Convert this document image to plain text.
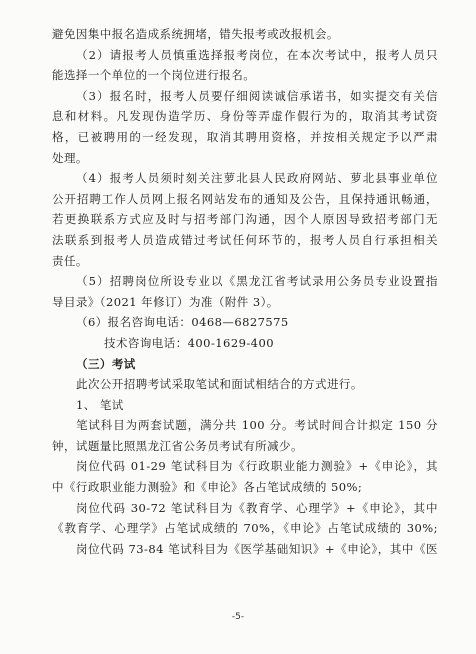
避免因集中报名造成系统拥堵，错失报考或改报机会。
（2）请报考人员慎重选择报考岗位，在本次考试中，报考人员只
能选择一个单位的一个岗位进行报名。
（3）报名时，报考人员要仔细阅读诚信承诺书，如实提交有关信
息和材料。凡发现伪造学历、身份等弄虚作假行为的，取消其考试资
格，已被聘用的一经发现，取消其聘用资格，并按相关规定予以严肃
处理。
（4）报考人员须时刻关注萝北县人民政府网站、萝北县事业单位
公开招聘工作人员网上报名网站发布的通知及公告，且保持通讯畅通，
若更换联系方式应及时与招考部门沟通，因个人原因导致招考部门无
法联系到报考人员造成错过考试任何环节的，报考人员自行承担相关
责任。
（5）招聘岗位所设专业以《黑龙江省考试录用公务员专业设置指
导目录》（2021 年修订）为准（附件 3）。
（6）报名咨询电话：0468—6827575
技术咨询电话：400-1629-400
（三）考试
此次公开招聘考试采取笔试和面试相结合的方式进行。
1、 笔试
笔试科目为两套试题，满分共 100 分。考试时间合计拟定 150 分
钟，试题量比照黑龙江省公务员考试有所减少。
岗位代码 01-29 笔试科目为《行政职业能力测验》+《申论》，其
中《行政职业能力测验》和《申论》各占笔试成绩的 50%;
岗位代码 30-72 笔试科目为《教育学、心理学》+《申论》，其中
《教育学、心理学》占笔试成绩的 70%，《申论》占笔试成绩的 30%;
岗位代码 73-84 笔试科目为《医学基础知识》+《申论》，其中《医
-5-
